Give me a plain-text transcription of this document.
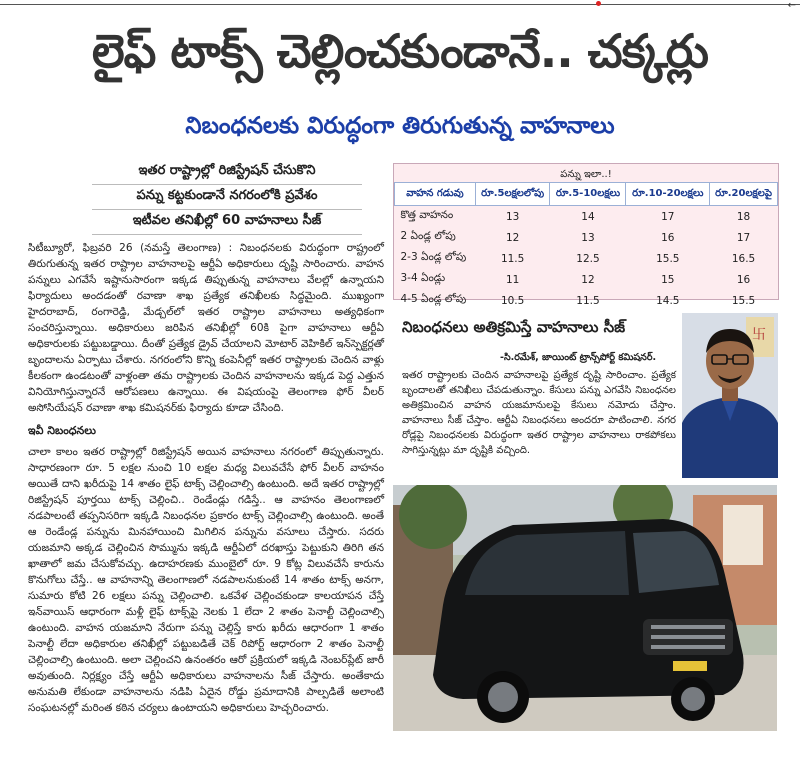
←
లైఫ్ టాక్స్ చెల్లించకుండానే.. చక్కర్లు
నిబంధనలకు విరుద్ధంగా తిరుగుతున్న వాహనాలు
ఇతర రాష్ట్రాల్లో రిజిస్ట్రేషన్ చేసుకొని
పన్ను కట్టకుండానే నగరంలోకి ప్రవేశం
ఇటీవల తనిఖీల్లో 60 వాహనాలు సీజ్

సిటీబ్యూరో, ఫిబ్రవరి 26 (నమస్తే తెలంగాణ) : నిబంధనలకు విరుద్ధంగా రాష్ట్రంలో తిరుగుతున్న ఇతర రాష్ట్రాల వాహనాలపై ఆర్టీఏ అధికారులు దృష్టి సారించారు. వాహన పన్నులు ఎగవేసే ఇష్టానుసారంగా ఇక్కడ తిప్పుతున్న వాహనాలు వేలల్లో ఉన్నాయని ఫిర్యాదులు అందడంతో రవాణా శాఖ ప్రత్యేక తనిఖీలకు సిద్ధమైంది. ముఖ్యంగా హైదరాబాద్, రంగారెడ్డి, మేడ్చల్‌లో ఇతర రాష్ట్రాల వాహనాలు అత్యధికంగా సంచరిస్తున్నాయి. అధికారులు జరిపిన తనిఖీల్లో 60కి పైగా వాహనాలు ఆర్టీఏ అధికారులకు పట్టుబడ్డాయి. దీంతో ప్రత్యేక డ్రైవ్ చేయాలని మోటార్ వెహికిల్ ఇన్‌స్పెక్టర్లతో బృందాలను ఏర్పాటు చేశారు. నగరంలోని కొన్ని కంపెనీల్లో ఇతర రాష్ట్రాలకు చెందిన వాళ్లు కీలకంగా ఉండటంతో వాళ్లంతా తమ రాష్ట్రాలకు చెందిన వాహనాలను ఇక్కడ పెద్ద ఎత్తున వినియోగిస్తున్నారనే ఆరోపణలు ఉన్నాయి. ఈ విషయంపై తెలంగాణ ఫోర్ వీలర్ అసోసియేషన్ రవాణా శాఖ కమిషనర్‌కు ఫిర్యాదు కూడా చేసింది.

ఇవీ నిబంధనలు
చాలా కాలం ఇతర రాష్ట్రాల్లో రిజిస్ట్రేషన్ అయిన వాహనాలు నగరంలో తిప్పుతున్నారు. సాధారణంగా రూ. 5 లక్షల నుంచి 10 లక్షల మధ్య విలువచేసే ఫోర్ వీలర్ వాహనం అయితే దాని ఖరీదుపై 14 శాతం లైఫ్ టాక్స్ చెల్లించాల్సి ఉంటుంది. అదే ఇతర రాష్ట్రాల్లో రిజిస్ట్రేషన్ పూర్తయి టాక్స్ చెల్లించి.. రెండేండ్లు గడిస్తే.. ఆ వాహనం తెలంగాణలో నడపాలంటే తప్పనిసరిగా ఇక్కడి నిబంధనల ప్రకారం టాక్స్ చెల్లించాల్సి ఉంటుంది. అంతే ఆ రెండేండ్ల పన్నును మినహాయించి మిగిలిన పన్నును వసూలు చేస్తారు. సదరు యజమాని అక్కడ చెల్లించిన సొమ్మును ఇక్కడి ఆర్టీఏలో దరఖాస్తు పెట్టుకుని తిరిగి తన ఖాతాలో జమ చేసుకోవచ్చు. ఉదాహరణకు ముంబైలో రూ. 9 కోట్ల విలువచేసే కారును కొనుగోలు చేస్తే.. ఆ వాహనాన్ని తెలంగాణలో నడపాలనుకుంటే 14 శాతం టాక్స్ అనగా, సుమారు కోటి 26 లక్షలు పన్ను చెల్లించాలి. ఒకవేళ చెల్లించకుండా కాలయాపన చేస్తే ఇన్‌వాయిస్ ఆధారంగా మళ్లీ లైఫ్ టాక్స్‌పై నెలకు 1 లేదా 2 శాతం పెనాల్టీ చెల్లించాల్సి ఉంటుంది. వాహన యజమాని నేరుగా పన్ను చెల్లిస్తే కారు ఖరీదు ఆధారంగా 1 శాతం పెనాల్టీ లేదా అధికారుల తనిఖీల్లో పట్టుబడితే చెక్ రిపోర్ట్ ఆధారంగా 2 శాతం పెనాల్టీ చెల్లించాల్సి ఉంటుంది. అలా చెల్లించని ఉనంతరం ఆరో ప్రక్రియలో ఇక్కడి నెంబర్‌ప్లేట్ జారీ అవుతుంది. నిర్లక్ష్యం చేస్తే ఆర్టీఏ అధికారులు వాహనాలను సీజ్ చేస్తారు. అంతేకాదు అనుమతి లేకుండా వాహనాలను నడిపి ఏదైన రోడ్డు ప్రమాదానికి పాల్పడితే అలాంటి సంఘటనల్లో మరింత కఠిన చర్యలు ఉంటాయని అధికారులు హెచ్చరించారు.
పన్ను ఇలా..!
వాహన గడువు	రూ.5లక్షలలోపు	రూ.5-10లక్షలు	రూ.10-20లక్షలు	రూ.20లక్షలపై
కొత్త వాహనం	13	14	17	18
2 ఏండ్ల లోపు	12	13	16	17
2-3 ఏండ్ల లోపు	11.5	12.5	15.5	16.5
3-4 ఏండ్లు	11	12	15	16
4-5 ఏండ్ల లోపు	10.5	11.5	14.5	15.5
నిబంధనలు అతిక్రమిస్తే వాహనాలు సీజ్
-సి.రమేశ్, జాయింట్ ట్రాన్స్‌పోర్ట్ కమిషనర్.
ఇతర రాష్ట్రాలకు చెందిన వాహనాలపై ప్రత్యేక దృష్టి సారించాం. ప్రత్యేక బృందాలతో తనిఖీలు చేపడుతున్నాం. కేసులు పన్ను ఎగవేసి నిబంధనల అతిక్రమించిన వాహన యజమానులపై కేసులు నమోదు చేస్తాం. వాహనాలు సీజ్ చేస్తాం. ఆర్టీఏ నిబంధనలు అందరూ పాటించాలి. నగర రోడ్లపై నిబంధనలకు విరుద్ధంగా ఇతర రాష్ట్రాల వాహనాలు రాకపోకలు సాగిస్తున్నట్లు మా దృష్టికి వచ్చింది.
卐
